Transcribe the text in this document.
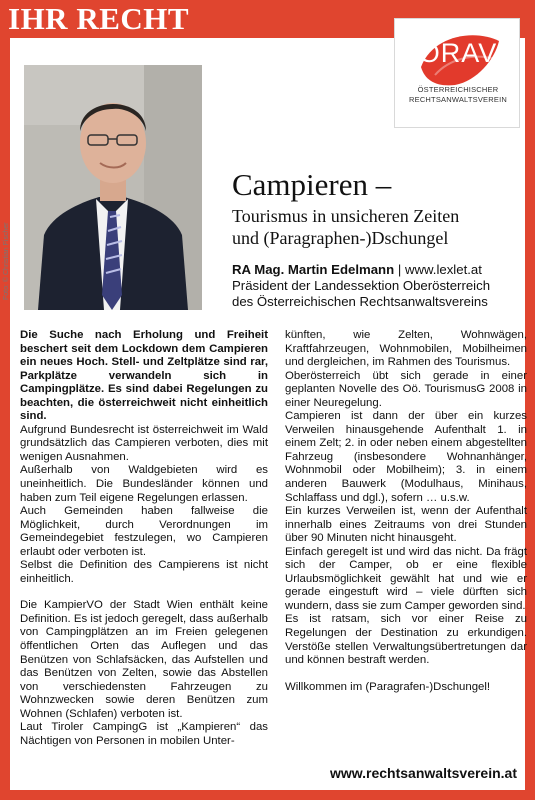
IHR RECHT
ÖRAV
ÖSTERREICHISCHER
RECHTSANWALTSVEREIN
Foto: © Christian Fischer
Campieren –
Tourismus in unsicheren Zeiten
und (Paragraphen-)Dschungel
RA Mag. Martin Edelmann | www.lexlet.at
Präsident der Landessektion Oberösterreich
des Österreichischen Rechtsanwaltsvereins

Die Suche nach Erholung und Freiheit beschert seit dem Lockdown dem Campieren ein neues Hoch. Stell- und Zeltplätze sind rar, Parkplätze verwandeln sich in Campingplätze. Es sind dabei Regelungen zu beachten, die österreichweit nicht einheitlich sind.

Aufgrund Bundesrecht ist österreichweit im Wald grundsätzlich das Campieren verboten, dies mit wenigen Ausnahmen.

Außerhalb von Waldgebieten wird es uneinheitlich. Die Bundesländer können und haben zum Teil eigene Regelungen erlassen.

Auch Gemeinden haben fallweise die Möglichkeit, durch Verordnungen im Gemeindegebiet festzulegen, wo Campieren erlaubt oder verboten ist.

Selbst die Definition des Campierens ist nicht einheitlich.

Die KampierVO der Stadt Wien enthält keine Definition. Es ist jedoch geregelt, dass außerhalb von Campingplätzen an im Freien gelegenen öffentlichen Orten das Auflegen und das Benützen von Schlafsäcken, das Aufstellen und das Benützen von Zelten, sowie das Abstellen von verschiedensten Fahrzeugen zu Wohnzwecken sowie deren Benützen zum Wohnen (Schlafen) verboten ist.

Laut Tiroler CampingG ist „Kampieren“ das Nächtigen von Personen in mobilen Unter-

künften, wie Zelten, Wohnwägen, Kraftfahrzeugen, Wohnmobilen, Mobilheimen und dergleichen, im Rahmen des Tourismus.

Oberösterreich übt sich gerade in einer geplanten Novelle des Oö. TourismusG 2008 in einer Neuregelung.

Campieren ist dann der über ein kurzes Verweilen hinausgehende Aufenthalt 1. in einem Zelt; 2. in oder neben einem abgestellten Fahrzeug (insbesondere Wohnanhänger, Wohnmobil oder Mobilheim); 3. in einem anderen Bauwerk (Modulhaus, Minihaus, Schlaffass und dgl.), sofern … u.s.w.

Ein kurzes Verweilen ist, wenn der Aufenthalt innerhalb eines Zeitraums von drei Stunden über 90 Minuten nicht hinausgeht.

Einfach geregelt ist und wird das nicht. Da frägt sich der Camper, ob er eine flexible Urlaubsmöglichkeit gewählt hat und wie er gerade eingestuft wird – viele dürften sich wundern, dass sie zum Camper geworden sind.

Es ist ratsam, sich vor einer Reise zu Regelungen der Destination zu erkundigen. Verstöße stellen Verwaltungsübertretungen dar und können bestraft werden.

Willkommen im (Paragrafen-)Dschungel!

www.rechtsanwaltsverein.at
